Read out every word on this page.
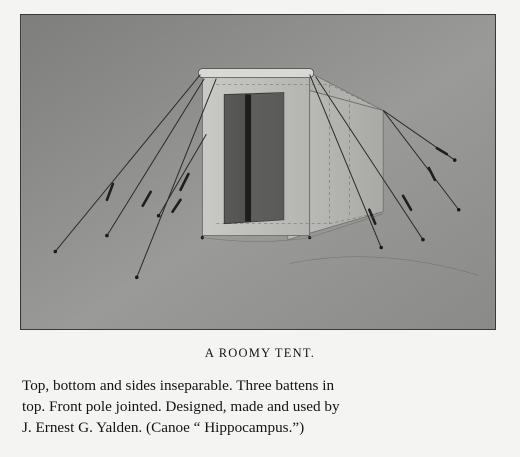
A ROOMY TENT.

Top, bottom and sides inseparable. Three battens in
top. Front pole jointed. Designed, made and used by
J. Ernest G. Yalden. (Canoe “ Hippocampus.”)
